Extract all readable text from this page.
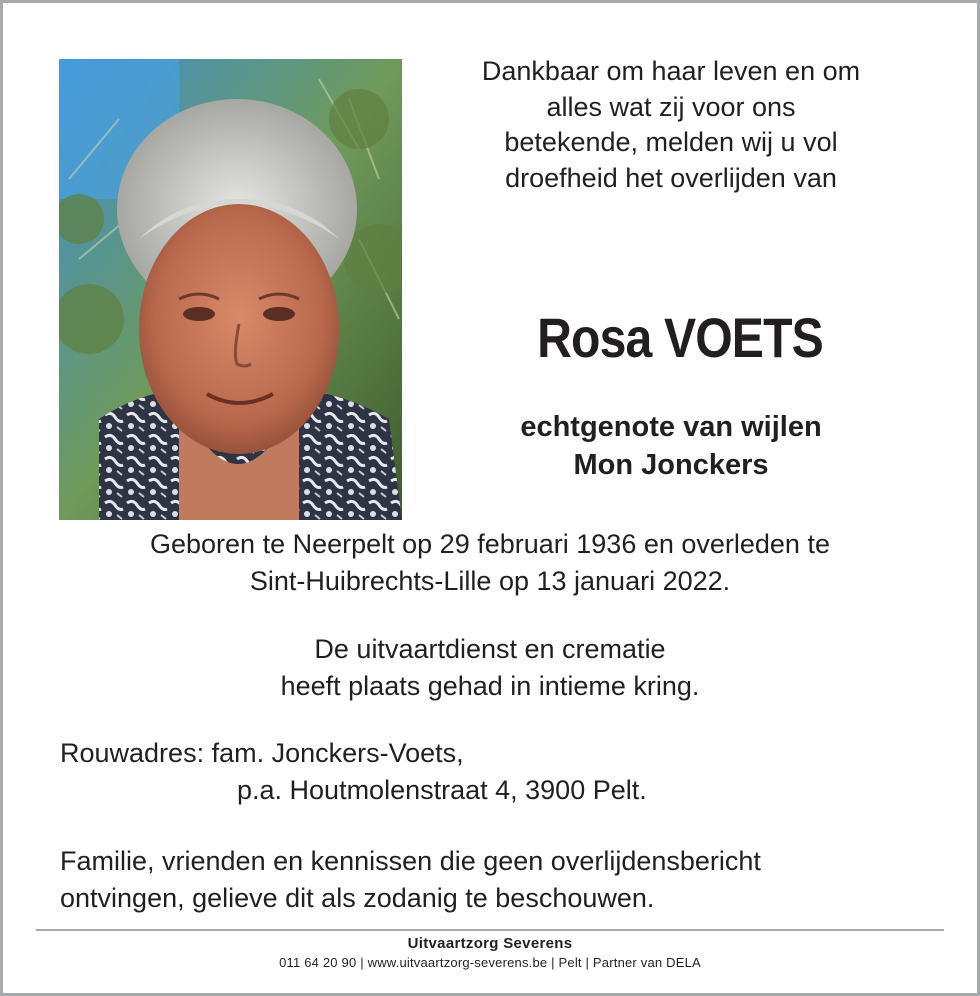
Dankbaar om haar leven en om
alles wat zij voor ons
betekende, melden wij u vol
droefheid het overlijden van
Rosa VOETS
echtgenote van wijlen
Mon Jonckers
Geboren te Neerpelt op 29 februari 1936 en overleden te
Sint-Huibrechts-Lille op 13 januari 2022.
De uitvaartdienst en crematie
heeft plaats gehad in intieme kring.
Rouwadres: fam. Jonckers-Voets,
p.a. Houtmolenstraat 4, 3900 Pelt.
Familie, vrienden en kennissen die geen overlijdensbericht
ontvingen, gelieve dit als zodanig te beschouwen.
Uitvaartzorg Severens
011 64 20 90 | www.uitvaartzorg-severens.be | Pelt | Partner van DELA
